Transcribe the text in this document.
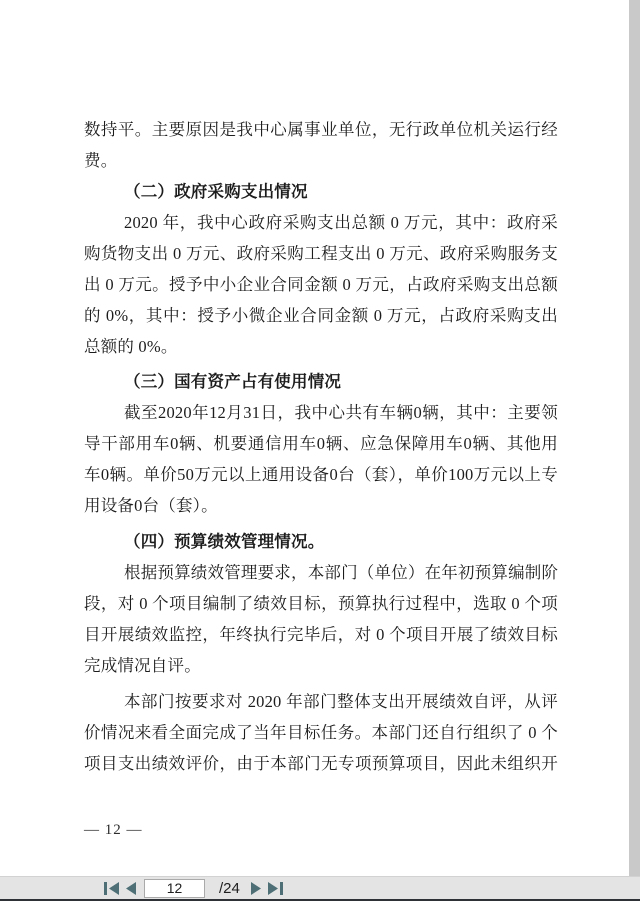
数持平。主要原因是我中心属事业单位，无行政单位机关运行经
费。
（二）政府采购支出情况
2020 年，我中心政府采购支出总额 0 万元，其中：政府采
购货物支出 0 万元、政府采购工程支出 0 万元、政府采购服务支
出 0 万元。授予中小企业合同金额 0 万元，占政府采购支出总额
的 0%，其中：授予小微企业合同金额 0 万元，占政府采购支出
总额的 0%。
（三）国有资产占有使用情况
截至2020年12月31日，我中心共有车辆0辆，其中：主要领
导干部用车0辆、机要通信用车0辆、应急保障用车0辆、其他用
车0辆。单价50万元以上通用设备0台（套），单价100万元以上专
用设备0台（套）。
（四）预算绩效管理情况。
根据预算绩效管理要求，本部门（单位）在年初预算编制阶
段，对 0 个项目编制了绩效目标，预算执行过程中，选取 0 个项
目开展绩效监控，年终执行完毕后，对 0 个项目开展了绩效目标
完成情况自评。
本部门按要求对 2020 年部门整体支出开展绩效自评，从评
价情况来看全面完成了当年目标任务。本部门还自行组织了 0 个
项目支出绩效评价，由于本部门无专项预算项目，因此未组织开
— 12 —
12
/24
